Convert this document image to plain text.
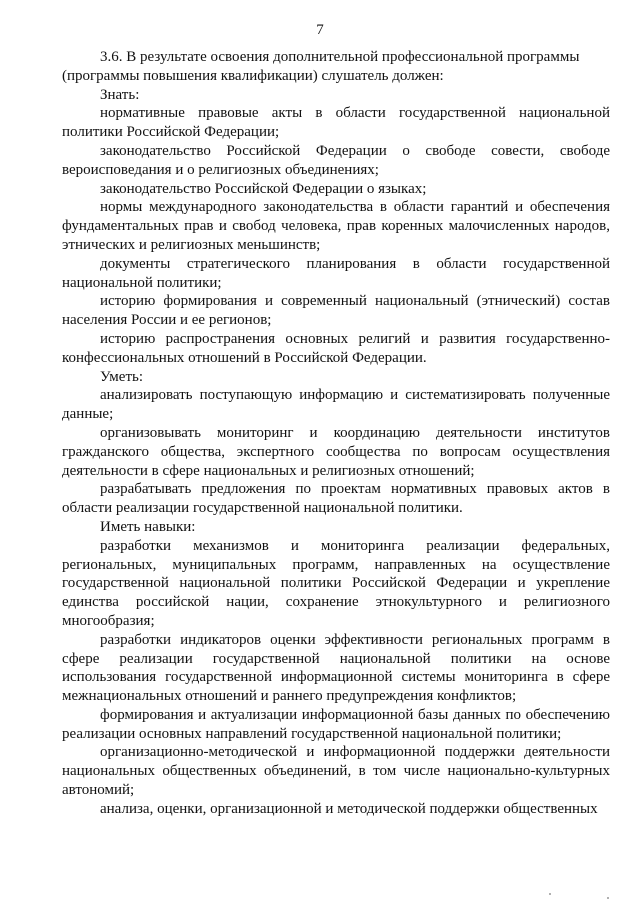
7

3.6. В результате освоения дополнительной профессиональной программы (программы повышения квалификации) слушатель должен:

Знать:

нормативные правовые акты в области государственной национальной политики Российской Федерации;

законодательство Российской Федерации о свободе совести, свободе вероисповедания и о религиозных объединениях;

законодательство Российской Федерации о языках;

нормы международного законодательства в области гарантий и обеспечения фундаментальных прав и свобод человека, прав коренных малочисленных народов, этнических и религиозных меньшинств;

документы стратегического планирования в области государственной национальной политики;

историю формирования и современный национальный (этнический) состав населения России и ее регионов;

историю распространения основных религий и развития государственно-конфессиональных отношений в Российской Федерации.

Уметь:

анализировать поступающую информацию и систематизировать полученные данные;

организовывать мониторинг и координацию деятельности институтов гражданского общества, экспертного сообщества по вопросам осуществления деятельности в сфере национальных и религиозных отношений;

разрабатывать предложения по проектам нормативных правовых актов в области реализации государственной национальной политики.

Иметь навыки:

разработки механизмов и мониторинга реализации федеральных, региональных, муниципальных программ, направленных на осуществление государственной национальной политики Российской Федерации и укрепление единства российской нации, сохранение этнокультурного и религиозного многообразия;

разработки индикаторов оценки эффективности региональных программ в сфере реализации государственной национальной политики на основе использования государственной информационной системы мониторинга в сфере межнациональных отношений и раннего предупреждения конфликтов;

формирования и актуализации информационной базы данных по обеспечению реализации основных направлений государственной национальной политики;

организационно-методической и информационной поддержки деятельности национальных общественных объединений, в том числе национально-культурных автономий;

анализа, оценки, организационной и методической поддержки общественных
